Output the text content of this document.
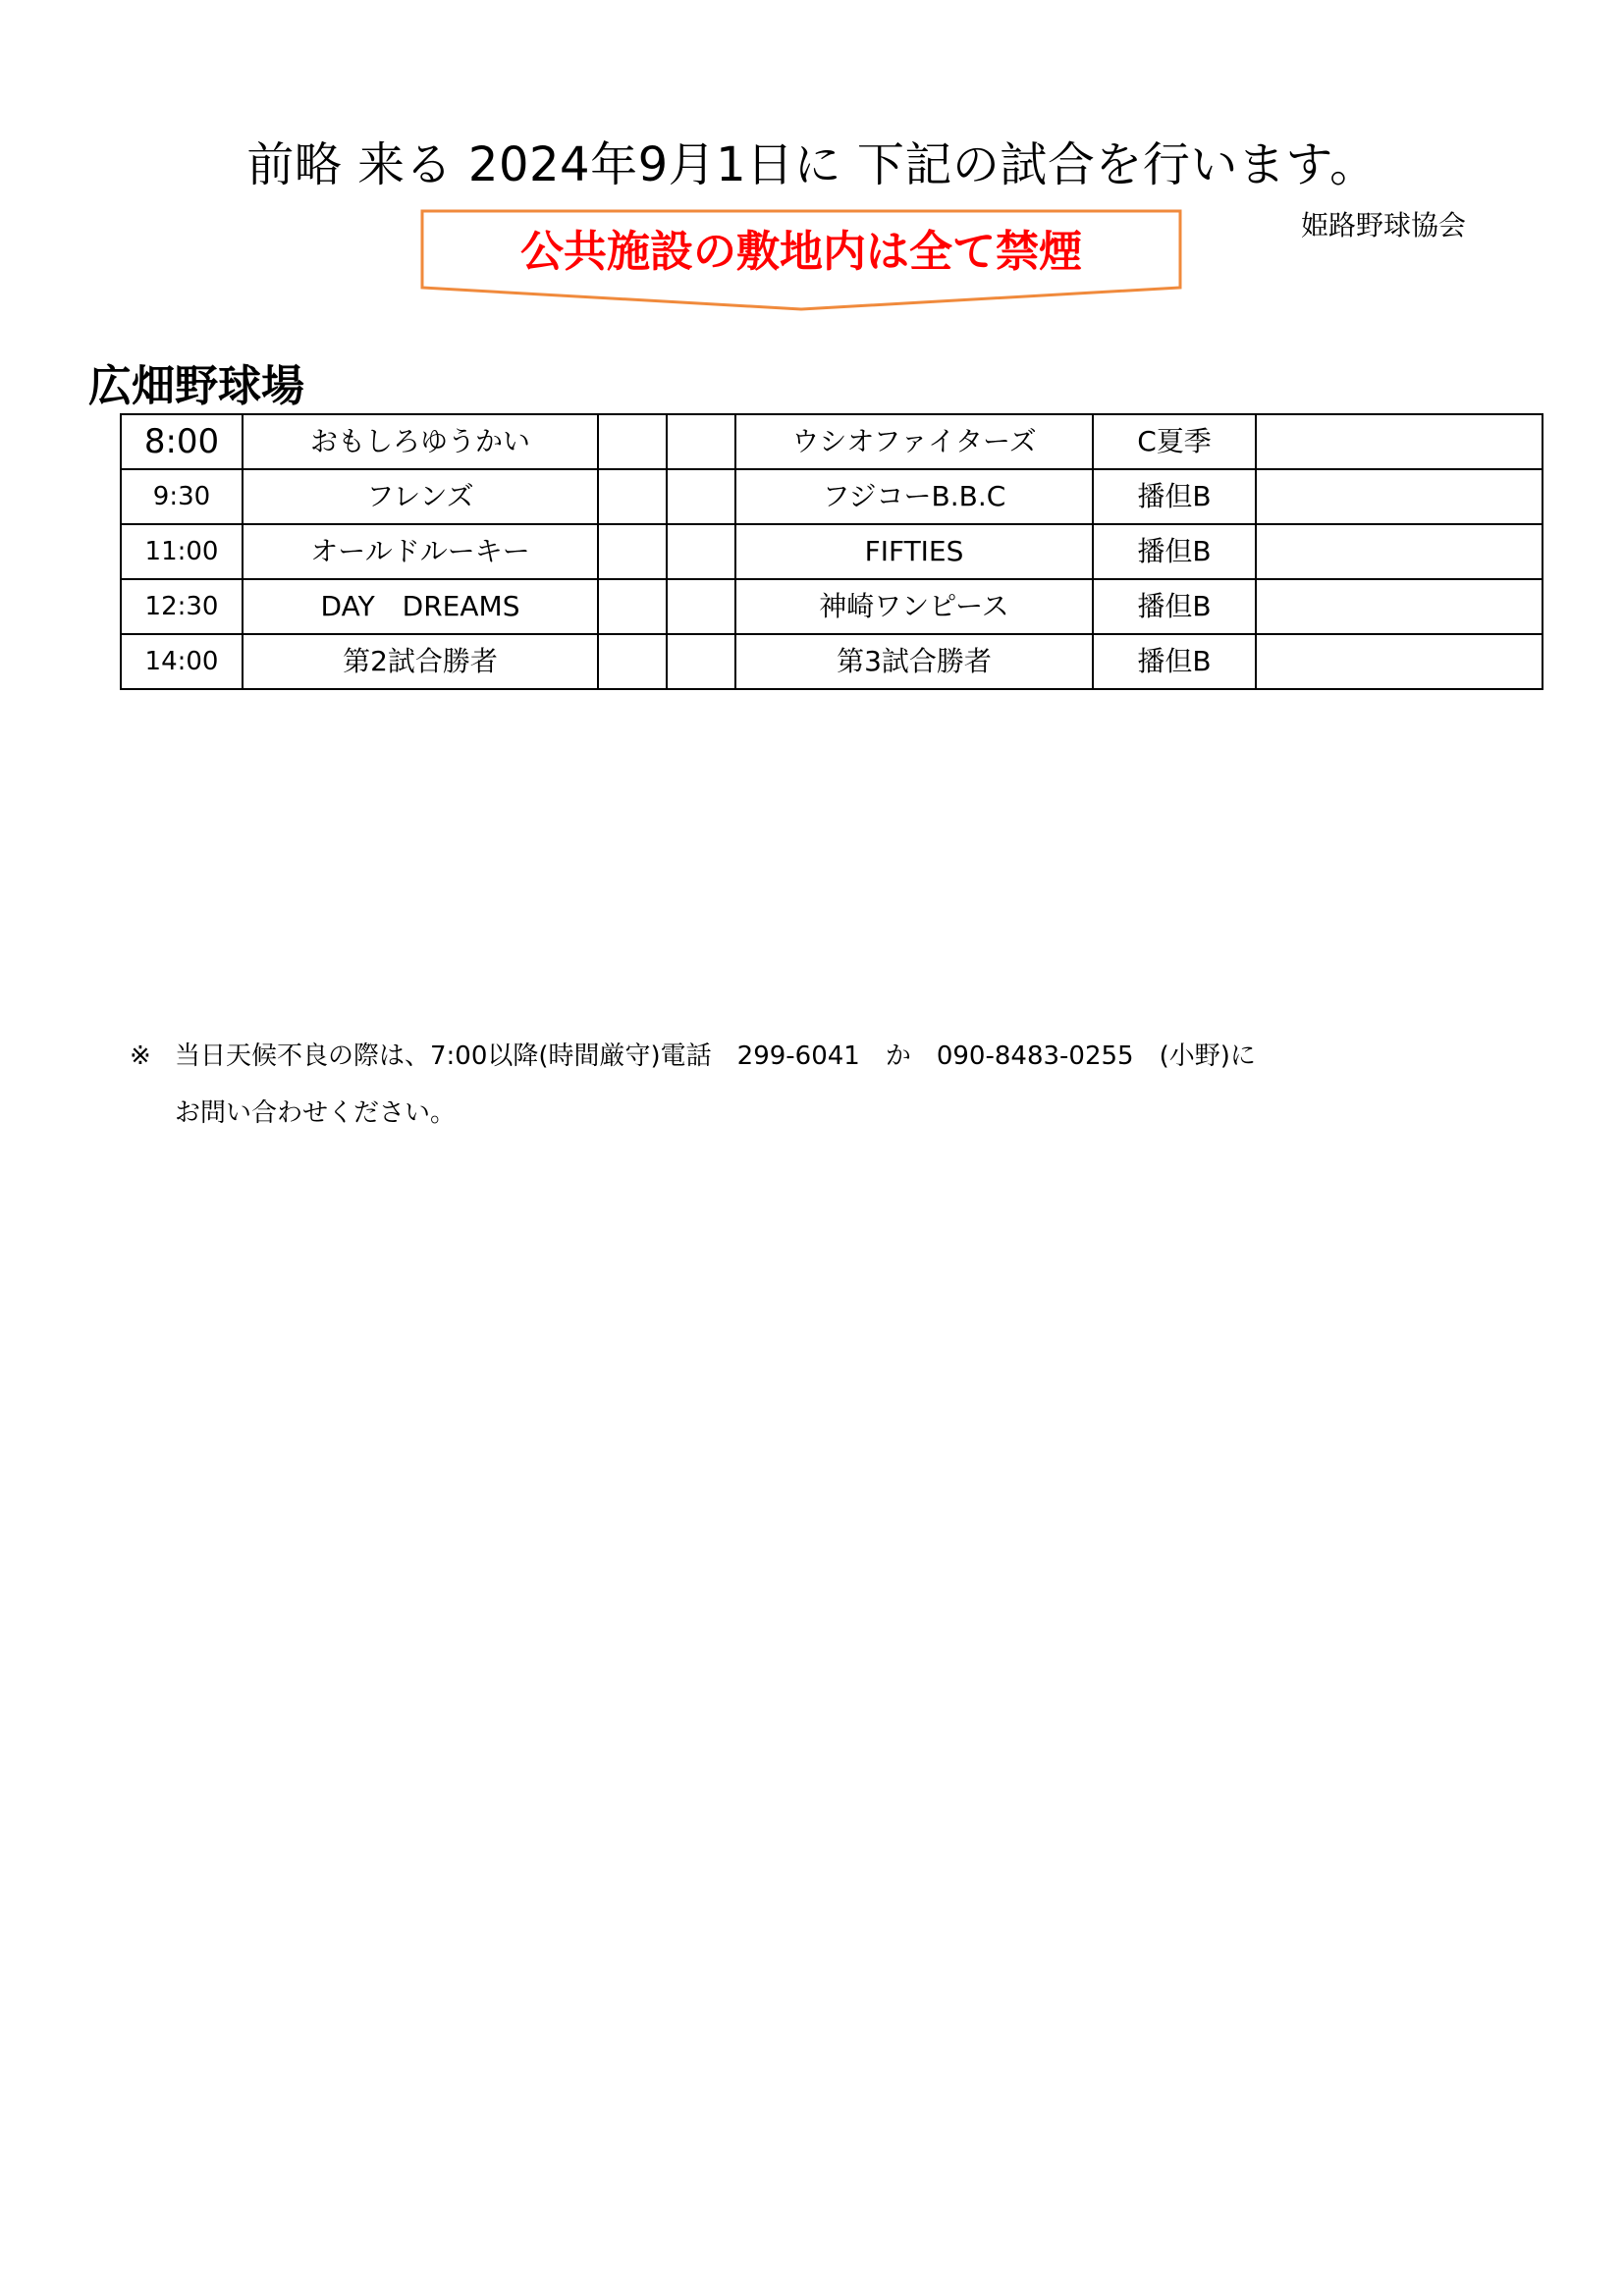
前略 来る 2024年9月1日に 下記の試合を行います。
姫路野球協会
公共施設の敷地内は全て禁煙
広畑野球場
8:00	おもしろゆうかい			ウシオファイターズ	C夏季	
9:30	フレンズ			フジコーB.B.C	播但B	
11:00	オールドルーキー			FIFTIES	播但B	
12:30	DAY　DREAMS			神崎ワンピース	播但B	
14:00	第2試合勝者			第3試合勝者	播但B	
※ 当日天候不良の際は、7:00以降(時間厳守)電話　299-6041　か　090-8483-0255　(小野)に
お問い合わせください。
